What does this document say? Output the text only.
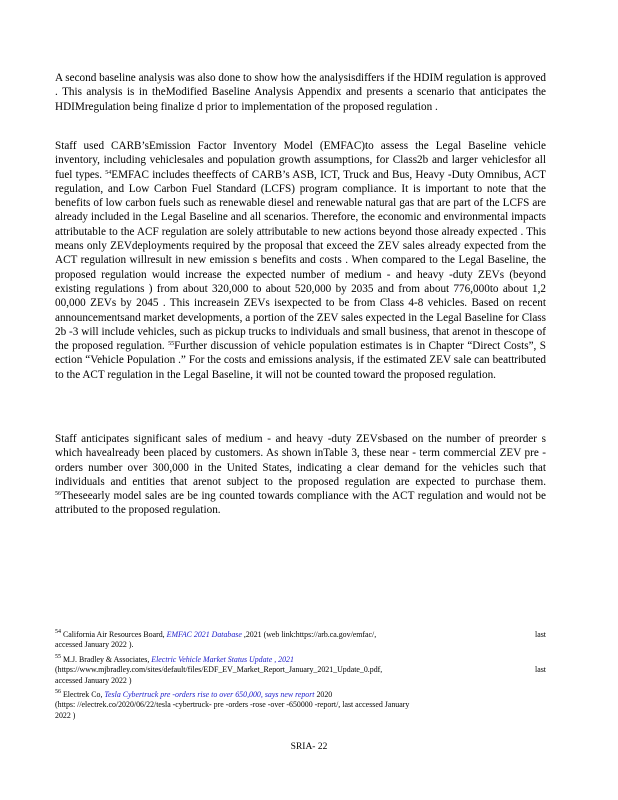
A second baseline analysis was also done to show how the analysisdiffers if the HDIM regulation is approved . This analysis is in theModified Baseline Analysis Appendix and presents a scenario that anticipates the HDIMregulation being finalize d prior to implementation of the proposed regulation .

Staff used CARB’sEmission Factor Inventory Model (EMFAC)to assess the Legal Baseline vehicle inventory, including vehiclesales and population growth assumptions, for Class2b and larger vehiclesfor all fuel types. $^{54}$EMFAC includes theeffects of CARB’s ASB, ICT, Truck and Bus, Heavy -Duty Omnibus, ACT regulation, and Low Carbon Fuel Standard (LCFS) program compliance. It is important to note that the benefits of low carbon fuels such as renewable diesel and renewable natural gas that are part of the LCFS are already included in the Legal Baseline and all scenarios. Therefore, the economic and environmental impacts attributable to the ACF regulation are solely attributable to new actions beyond those already expected . This means only ZEVdeployments required by the proposal that exceed the ZEV sales already expected from the ACT regulation willresult in new emission s benefits and costs . When compared to the Legal Baseline, the proposed regulation would increase the expected number of medium - and heavy -duty ZEVs (beyond existing regulations ) from about 320,000 to about 520,000 by 2035 and from about 776,000to about 1,2 00,000 ZEVs by 2045 . This increasein ZEVs isexpected to be from Class 4-8 vehicles. Based on recent announcementsand market developments, a portion of the ZEV sales expected in the Legal Baseline for Class 2b -3 will include vehicles, such as pickup trucks to individuals and small business, that arenot in thescope of the proposed regulation. $^{55}$Further discussion of vehicle population estimates is in Chapter “Direct Costs”, S ection “Vehicle Population .” For the costs and emissions analysis, if the estimated ZEV sale can beattributed to the ACT regulation in the Legal Baseline, it will not be counted toward the proposed regulation.

Staff anticipates significant sales of medium - and heavy -duty ZEVsbased on the number of preorder s which havealready been placed by customers. As shown inTable 3, these near - term commercial ZEV pre -orders number over 300,000 in the United States, indicating a clear demand for the vehicles such that individuals and entities that arenot subject to the proposed regulation are expected to purchase them. $^{56}$Theseearly model sales are be ing counted towards compliance with the ACT regulation and would not be attributed to the proposed regulation.

$^{54}$ California Air Resources Board, EMFAC 2021 Database ,2021 (web link:https://arb.ca.gov/emfac/,	last
accessed January 2022 ).
$^{55}$ M.J. Bradley & Associates, Electric Vehicle Market Status Update , 2021
(https://www.mjbradley.com/sites/default/files/EDF_EV_Market_Report_January_2021_Update_0.pdf,	last
accessed January 2022 )
$^{56}$ Electrek Co, Tesla Cybertruck pre -orders rise to over 650,000, says new report 2020
(https: //electrek.co/2020/06/22/tesla -cybertruck- pre -orders -rose -over -650000 -report/, last accessed January
2022 )
SRIA- 22
